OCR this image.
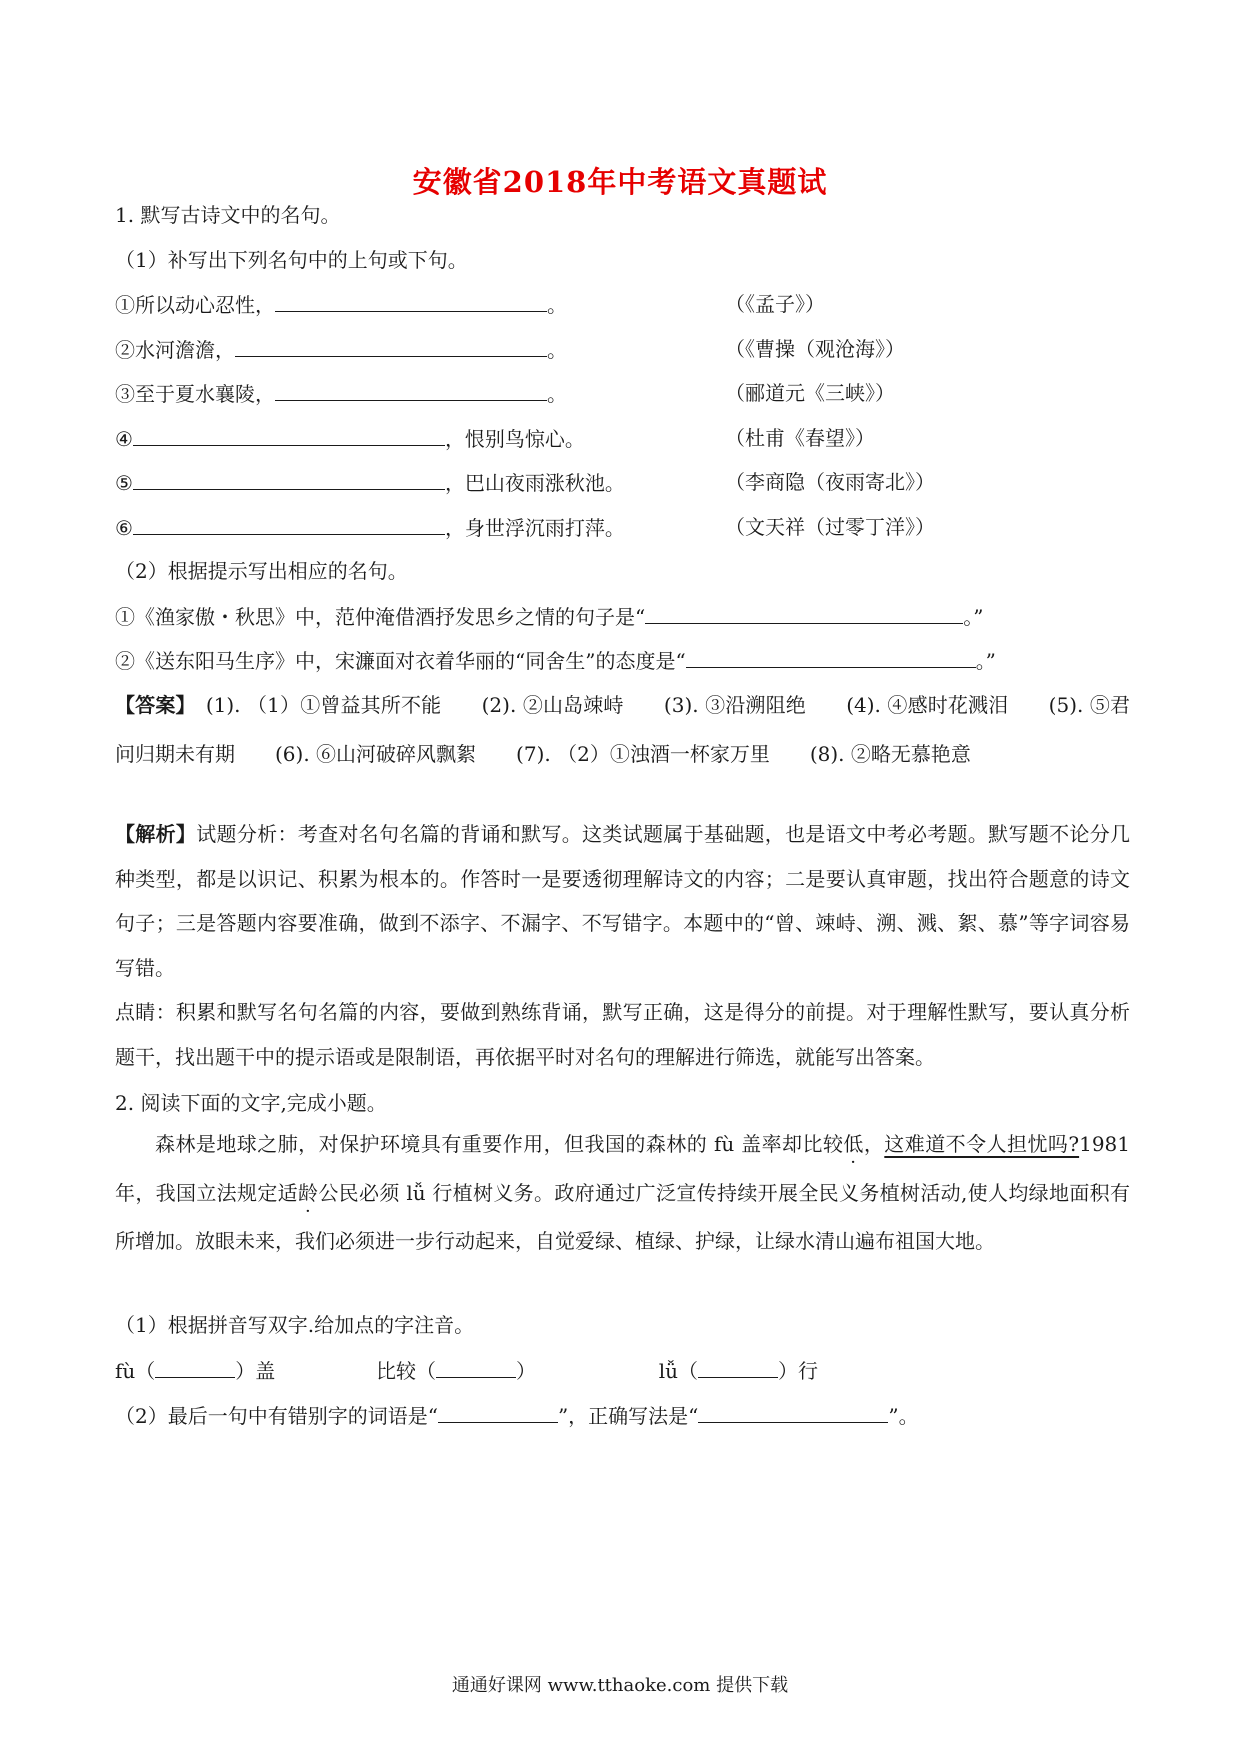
安徽省2018年中考语文真题试
1. 默写古诗文中的名句。
（1）补写出下列名句中的上句或下句。
①所以动心忍性，	。	（《孟子》）
②水河澹澹，	。	（《曹操（观沧海》）
③至于夏水襄陵，	。	（郦道元《三峡》）
④	，恨别鸟惊心。	（杜甫《春望》）
⑤	，巴山夜雨涨秋池。	（李商隐（夜雨寄北》）
⑥	，身世浮沉雨打萍。	（文天祥（过零丁洋》）
（2）根据提示写出相应的名句。
①《渔家傲・秋思》中，范仲淹借酒抒发思乡之情的句子是“	。”
②《送东阳马生序》中，宋濂面对衣着华丽的“同舍生”的态度是“	。”
【答案】　 (1). （1）①曾益其所不能　　(2). ②山岛竦峙　　(3). ③沿溯阻绝　　(4). ④感时花溅泪　　(5). ⑤君问归期未有期　　(6). ⑥山河破碎风飘絮　　(7). （2）①浊酒一杯家万里　　(8). ②略无慕艳意
【解析】试题分析：考查对名句名篇的背诵和默写。这类试题属于基础题，也是语文中考必考题。默写题不论分几种类型，都是以识记、积累为根本的。作答时一是要透彻理解诗文的内容；二是要认真审题，找出符合题意的诗文句子；三是答题内容要准确，做到不添字、不漏字、不写错字。本题中的“曾、竦峙、溯、溅、絮、慕”等字词容易写错。
点睛：积累和默写名句名篇的内容，要做到熟练背诵，默写正确，这是得分的前提。对于理解性默写，要认真分析题干，找出题干中的提示语或是限制语，再依据平时对名句的理解进行筛选，就能写出答案。
2. 阅读下面的文字,完成小题。
森林是地球之肺，对保护环境具有重要作用，但我国的森林的 fù 盖率却比较低，这难道不令人担忧吗?1981 年，我国立法规定适龄公民必须 lǚ 行植树义务。政府通过广泛宣传持续开展全民义务植树活动,使人均绿地面积有所增加。放眼未来，我们必须进一步行动起来，自觉爱绿、植绿、护绿，让绿水清山遍布祖国大地。
（1）根据拼音写双字.给加点的字注音。
fù（	）盖	比较（	）	lǚ（	）行
（2）最后一句中有错别字的词语是“	”，正确写法是“	”。
通通好课网 www.tthaoke.com 提供下载
